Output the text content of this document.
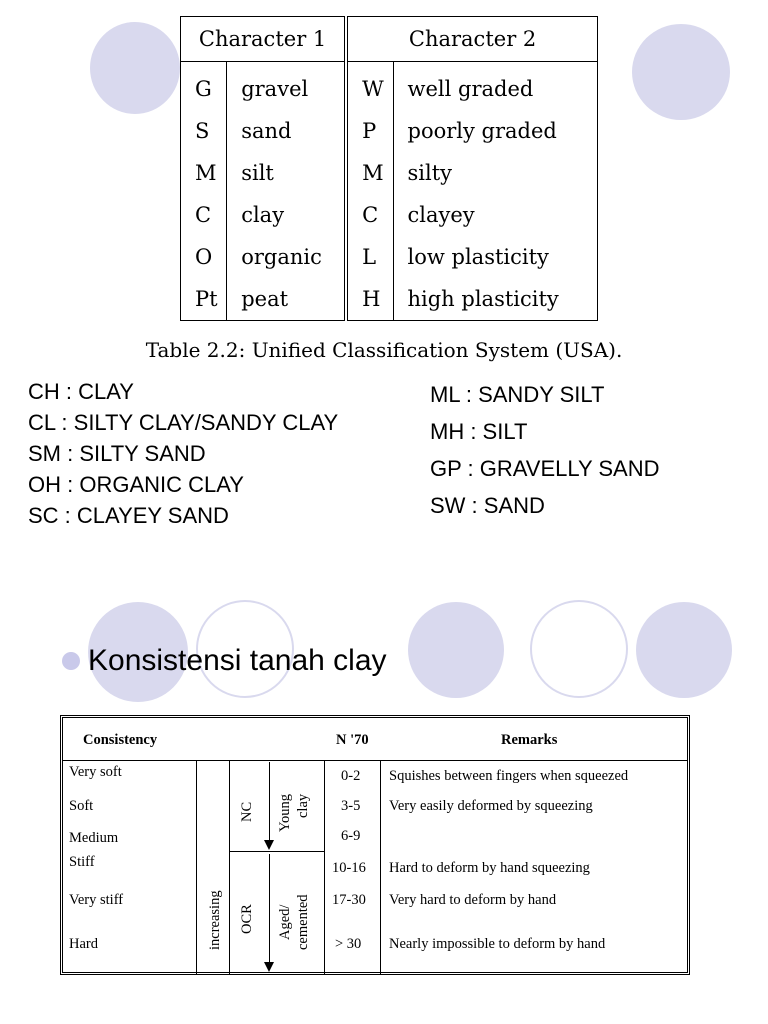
Character 1		Character 2	
G	gravel	W	well graded
S	sand	P	poorly graded
M	silt	M	silty
C	clay	C	clayey
O	organic	L	low plasticity
Pt	peat	H	high plasticity
Table 2.2: Unified Classification System (USA).
CH : CLAY
CL : SILTY CLAY/SANDY CLAY
SM : SILTY SAND
OH : ORGANIC CLAY
SC : CLAYEY SAND
ML : SANDY SILT
MH : SILT
GP : GRAVELLY SAND
SW : SAND
Konsistensi tanah clay
Consistency	N '70	Remarks
NC Young clay
increasing OCR Aged/ cemented
Very soft	0-2 Squishes between fingers when squeezed
Soft	3-5 Very easily deformed by squeezing
Medium	6-9
Stiff	10-16 Hard to deform by hand squeezing
Very stiff	17-30 Very hard to deform by hand
Hard	> 30 Nearly impossible to deform by hand
